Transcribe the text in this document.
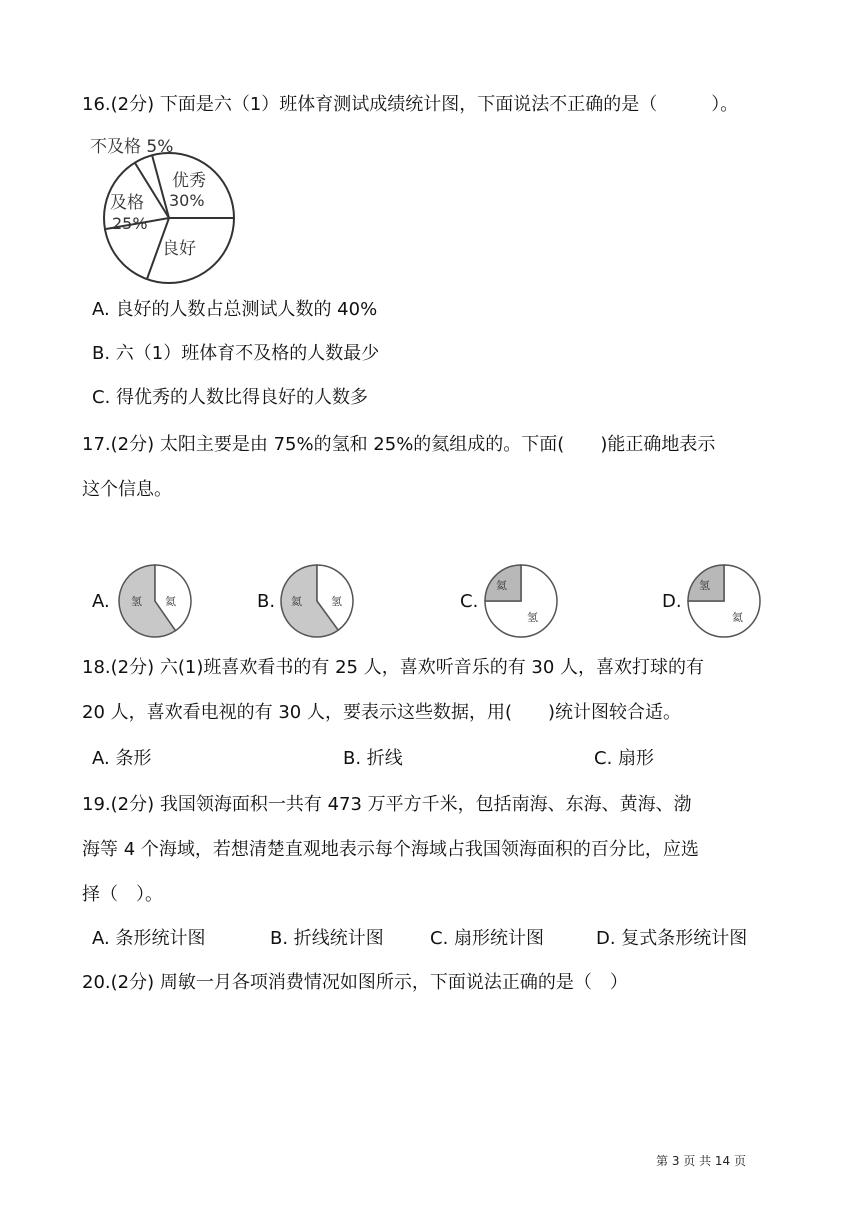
16.(2分) 下面是六（1）班体育测试成绩统计图，下面说法不正确的是（　　　）。
优秀
30%
及格
25%
良好
不及格 5%
A. 良好的人数占总测试人数的 40%
B. 六（1）班体育不及格的人数最少
C. 得优秀的人数比得良好的人数多
17.(2分) 太阳主要是由 75%的氢和 25%的氦组成的。下面(　　)能正确地表示
这个信息。
A. 氢 氦	B. 氦	氢	C.
氦
氢
D.
氢
氦
18.(2分) 六(1)班喜欢看书的有 25 人，喜欢听音乐的有 30 人，喜欢打球的有
20 人，喜欢看电视的有 30 人，要表示这些数据，用(　　)统计图较合适。
A. 条形	B. 折线	C. 扇形
19.(2分) 我国领海面积一共有 473 万平方千米，包括南海、东海、黄海、渤
海等 4 个海域，若想清楚直观地表示每个海域占我国领海面积的百分比，应选
择（　）。
A. 条形统计图	B. 折线统计图	C. 扇形统计图	D. 复式条形统计图
20.(2分) 周敏一月各项消费情况如图所示，下面说法正确的是（　）
第 3 页 共 14 页
